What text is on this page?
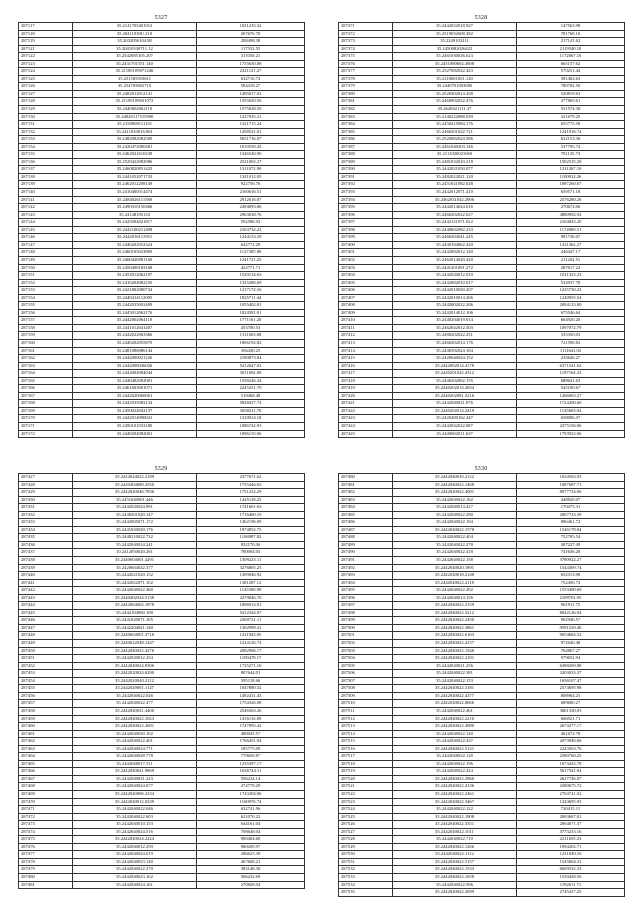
5327
287117	35.2141705401912	1021235.32
287118	35.20411030U.210	207676.70
287119	35.2032056104.98	208498.38
287121	35.20410330711.12	117552.55
287122	35.2542085105.207	311050.21
287123	35.2431701551.140	1755630.08
287124	35.21185109071246	2321121.27
287125	35.251505910611	632716.72
287126	35.254705802710	584418.27
287127	35.2482011812141	1495017.02
287128	35.21185109031072	1355020.56
287129	35.2440002062110	1575028.50
287130	35.24920117515990	1227035.21
287131	35.2150908111101	1321715.24
287132	35.2411810016.961	1458521.01
287133	35.2482082082509	5651716.07
287134	35.2420472000481	1010550.45
287135	35.2462021610238	1346540.90
287136	35.2529422082986	2521002.27
287137	35.2460820851425	1311072.90
287138	35.2441052071733	1341012.05
287139	35.2462012208149	922756.76
287140	35.2410400514474	2160616.51
287141	35.2484026111580	2912616.07
287142	35.2490310150466	2494093.06
287143	35.24148105133	2963038.76
287144	35.2425004021817	592586.92
287145	35.2442100211408	2163732.22
287146	35.2442016111951	1244133.29
287147	35.2440202052324	642772.29
287148	35.2460105023869	1127285.80
287149	35.2460420081160	1241721.25
287150	35.2450400183168	422771.71
287151	35.2452012062107	1529134.63
287152	35.2410204082250	1325280.69
287153	35.2421802080734	1217172.16
287154	35.2440414112005	1825711.44
287155	35.2442035002409	1055402.81
287156	35.2445012062176	1024581.01
287157	35.2442002064110	1771161.20
287158	35.2441012041407	453700.53
287159	35.2442022063366	1311003.08
287160	35.2440202055870	1806192.82
287161	35.2481086086144	356430.25
287162	35.2442000021226	2180873.84
287163	35.2442008046026	5412647.02
287164	35.2442004084044	3011692.00
287165	35.2440402082001	1558246.34
287166	35.2461603001071	2245251.70
287167	35.2442020060061	519468.48
287168	35.2442035082134	5826927.74
287169	35.2450024042137	3658211.70
287170	35.2442014090041	1310914.18
287171	35.2450101033180	1086742.93
287172	35.2440204082001	1096135.06
5328
287371	35.2442022018.927	147563.98
287372	35.2519032608.382	781768.16
287373	35.2249103211	217141.62
287374	35.2450082026422	2119540.10
287375	35.2461030026.623	1172667.10
287376	35.2451080602.4908	665157.62
287377	35.2527082022.423	570251.44
287378	35.2110001051.120	581402.63
287379	35.2440701003000	780782.50
287380	35.2520402014.458	520819.63
287381	35.2460902022.476	277865.61
287382	35.2620021111.37	551574.38
287383	35.2140222088.039	321679.25
287384	35.2450415084.176	655775.58
287385	35.2460201022.721	1241916.74
287386	35.2520082024.586	632153.38
287387	35.2461040203.146	537795.74
287388	35.2111020021060	781135.73
287389	35.2481032010.218	1502535.20
287390	35.2442021050.077	1211267.10
287391	35.2482022021.120	1100012.26
287392	35.2451021082.028	1087260.67
287393	35.2442012071.410	659571.18
287394	35.2462031042.2906	2576280.26
287395	35.2442014024.616	270672.06
287396	35.2460202022.027	4880992.92
287397	35.2442121071.022	2164843.20
287398	35.2440602082.233	1174969.51
287399	35.2460204041.245	981736.07
287400	35.2430104062.420	1411362.27
287401	35.2442002012.140	446447.17
287402	35.2462014020.420	211202.51
287403	35.2441201091.272	287617.22
287404	35.2442020012.010	1011333.23
287405	35.2442002010.017	532037.78
287406	35.2442010020.207	1225730.23
287407	35.2442010014.206	1240955.54
287408	35.2442002022.206	2094123.00
287409	35.2442014012.106	675546.64
287410	35.2440204019.014	664920.20
287411	35.2462042012.503	1097072.79
287412	35.2480202022.251	335350.03
287413	35.2460202014.176	721590.82
287414	35.2440502024.104	1111641.02
287415	35.2420640024.152	235646.27
287416	35.2442002014.4178	6371541.62
287417	35.2420201022.4312	1187164.23
287418	35.2440202002.155	688641.63
287419	35.2440202014.2654	545100.67
287420	35.2440202081.3216	1266063.27
287421	35.2442040021.876	1724200.60
287422	35.2440202014.2419	1145603.04
287423	35.2420400162.447	658006.37
287424	35.2442042022.087	2375156.06
287425	35.2440602011.637	1793922.06
5329
287427	35.2422024022.2189	2377671.62
287428	35.2420404080.2550	1755446.63
287429	35.2442040046.7836	1751232.29
287430	35.2451040001.446	1445118.25
287431	35.2442020024.991	1741661.63
287432	35.2440201020.147	1716460.10
287433	35.2442005071.172	1362196.09
287434	35.2441020020.176	1974852.75
287435	35.2440210022.732	1168087.82
287436	35.2442040024.241	832170.36
287437	10.2412050020.261	780004.03
287438	35.2440604001.4291	1309225.11
287439	35.2420604022.377	3276805.25
287440	35.2442021020.152	1309046.92
287441	35.2442022071.102	1381287.12
287442	35.2442040022.460	1145300.99
287443	35.2440402024.5138	2279846.70
287444	35.2442004002.1878	1006914.01
287445	35.2442104060.100	5412344.07
287446	35.2441020071.105	2360721.11
287447	35.2442204021.140	1302999.41
287448	35.2440604001.3718	1411943.05
287449	35.2440622048.1447	1224126.74
287450	35.2442040022.4276	2082906.17
287451	35.2442020012.254	1109478.17
287452	35.2442040024.8306	1725271.16
287453	35.2442020024.6290	807644.01
287454	35.2442020040.2112	595118.66
287455	35.2442020001.1127	1047880.52
287456	35.2442040022.026	1492431.43
287457	35.2442040022.477	1754326.08
287458	35.2442040021.4400	2546563.26
287459	35.2442040022.1023	1416116.89
287460	35.2442040022.2601	1747895.42
287461	35.2442040020.102	480045.57
287462	35.2442040022.401	1766451.04
287463	35.2442040024.771	185775.09
287464	35.2442040028.778	779650.87
287465	35.2442040017.511	1235397.17
287466	35.2442040041.9869	1636744.11
287467	35.2442040021.223	556224.14
287468	35.2442040024.677	274779.29
287469	35.2442040006.2234	1743204.06
287470	35.2442040012.0239	1160976.74
287471	35.2442040022.046	632741.96
287472	35.2442040022.603	621076.22
287473	35.2442040010.153	644161.04
287474	35.2442040024.516	708648.04
287475	35.2442040024.2224	900404.60
287476	35.2442040012.259	960209.97
287477	35.2442040024.019	286625.39
287478	35.2442040023.140	467668.21
287479	35.2442040022.270	382148.30
287480	35.2442040023.162	566232.69
287481	35.2442040024.161	270828.04
5330
287480	35.2442040010.2122	1634563.03
287481	35.2442040022.1468	1087687.71
287482	35.2442040022.4001	8077734.06
287483	35.2442040022.162	448820.07
287484	35.2442040014.427	170475.31
287485	35.2442040022.290	2067723.39
287486	35.2442040022.194	886461.72
287487	35.2442040022.1578	1546178.04
287488	35.2442040022.404	752785.54
287489	35.2442040022.278	307227.49
287490	35.2442040022.418	741636.28
287491	35.2442040022.158	3780922.27
287492	35.2442040020.1891	1544369.74
287493	35.2442040018.2148	652313.98
287494	35.2442040022.4118	752456.72
287495	35.2442040022.492	1553490.69
287496	35.2442040014.156	2108701.95
287497	35.2442040022.2159	961911.75
287498	35.2442040022.3212	8042126.04
287499	35.2442040022.2450	902946.57
287500	35.2442040022.3861	9591529.40
287501	35.2442040022.6163	9054684.52
287502	35.2442040022.4157	972640.48
287503	35.2442040022.1548	764867.27
287504	35.2442040022.2101	979652.94
287505	35.2442040021.256	6498269.88
287506	35.2442040022.381	3203033.37
287507	35.2442040022.153	1656107.47
287508	35.2442040022.3181	2574695.98
287509	35.2442040022.4377	808964.23
287510	35.2442040022.8666	689600.27
287511	35.2442040022.461	3861330.03
287512	35.2442040022.2210	666921.71
287513	35.2442040022.4980	2674277.17
287514	35.2442040022.140	461672.78
287515	35.2442040022.437	2073946.66
287516	35.2442040022.5121	2243563.76
287517	35.2442040022.118	2580760.25
287518	35.2442040022.196	1673432.78
287519	35.2442040022.424	5617341.04
287520	35.2442040022.2960	2627746.07
287521	35.2442040022.4136	2380675.72
287522	35.2442040022.2461	2704741.02
287523	35.2442040022.3467	1243695.93
287524	35.2442040022.122	720415.11
287525	35.2442040022.1908	2003667.01
287526	35.2442040022.3551	2064671.37
287527	35.2442040022.1011	3773233.16
287528	35.2442040022.710	2211655.23
287529	35.2442040022.1266	1994202.71
287530	35.2442040022.1112	1231049.16
287531	35.2442040022.5157	1545664.31
287532	35.2442040022.1533	6609532.33
287533	35.2442040022.1658	1550428.56
287534	35.2442040022.506	1192611.71
287535	35.2442040022.2099	2745427.25
